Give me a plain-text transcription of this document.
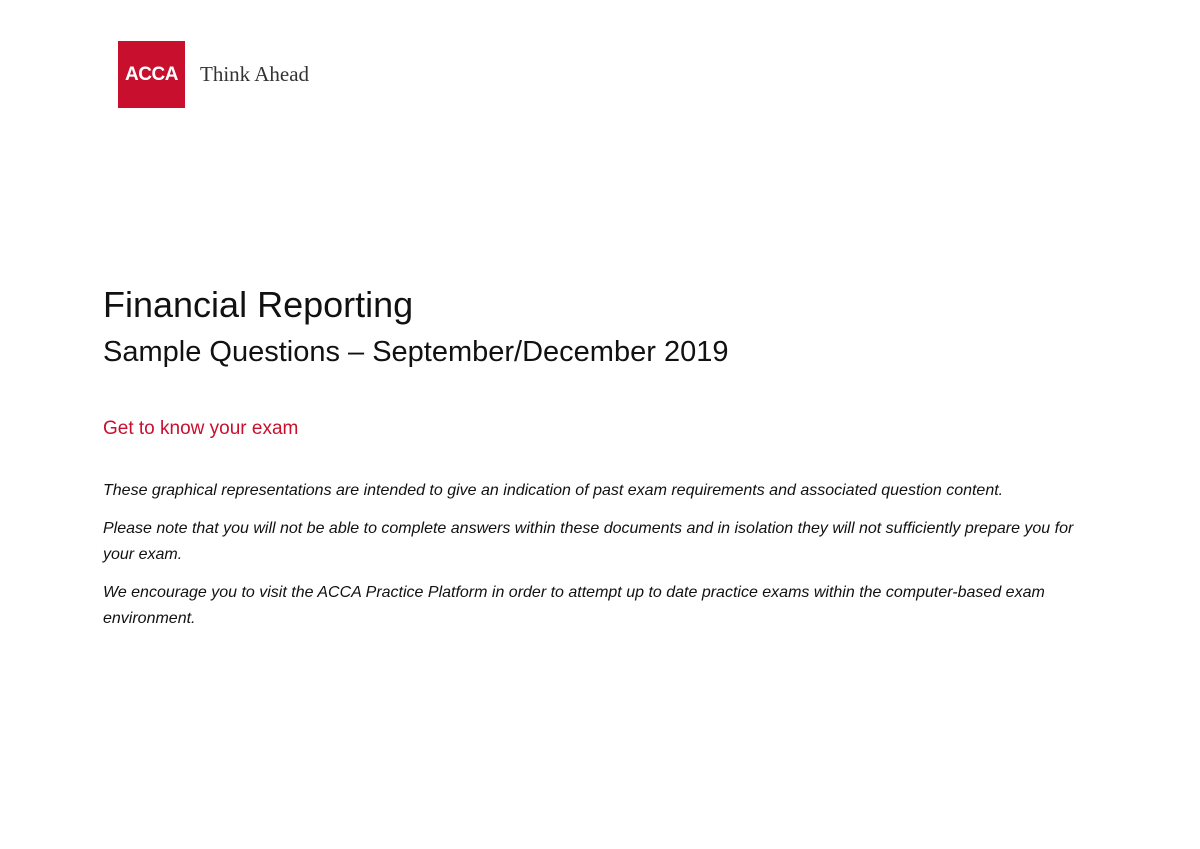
ACCA Think Ahead
Financial Reporting
Sample Questions – September/December 2019
Get to know your exam

These graphical representations are intended to give an indication of past exam requirements and associated question content.

Please note that you will not be able to complete answers within these documents and in isolation they will not sufficiently prepare you for your exam.

We encourage you to visit the ACCA Practice Platform in order to attempt up to date practice exams within the computer-based exam environment.
